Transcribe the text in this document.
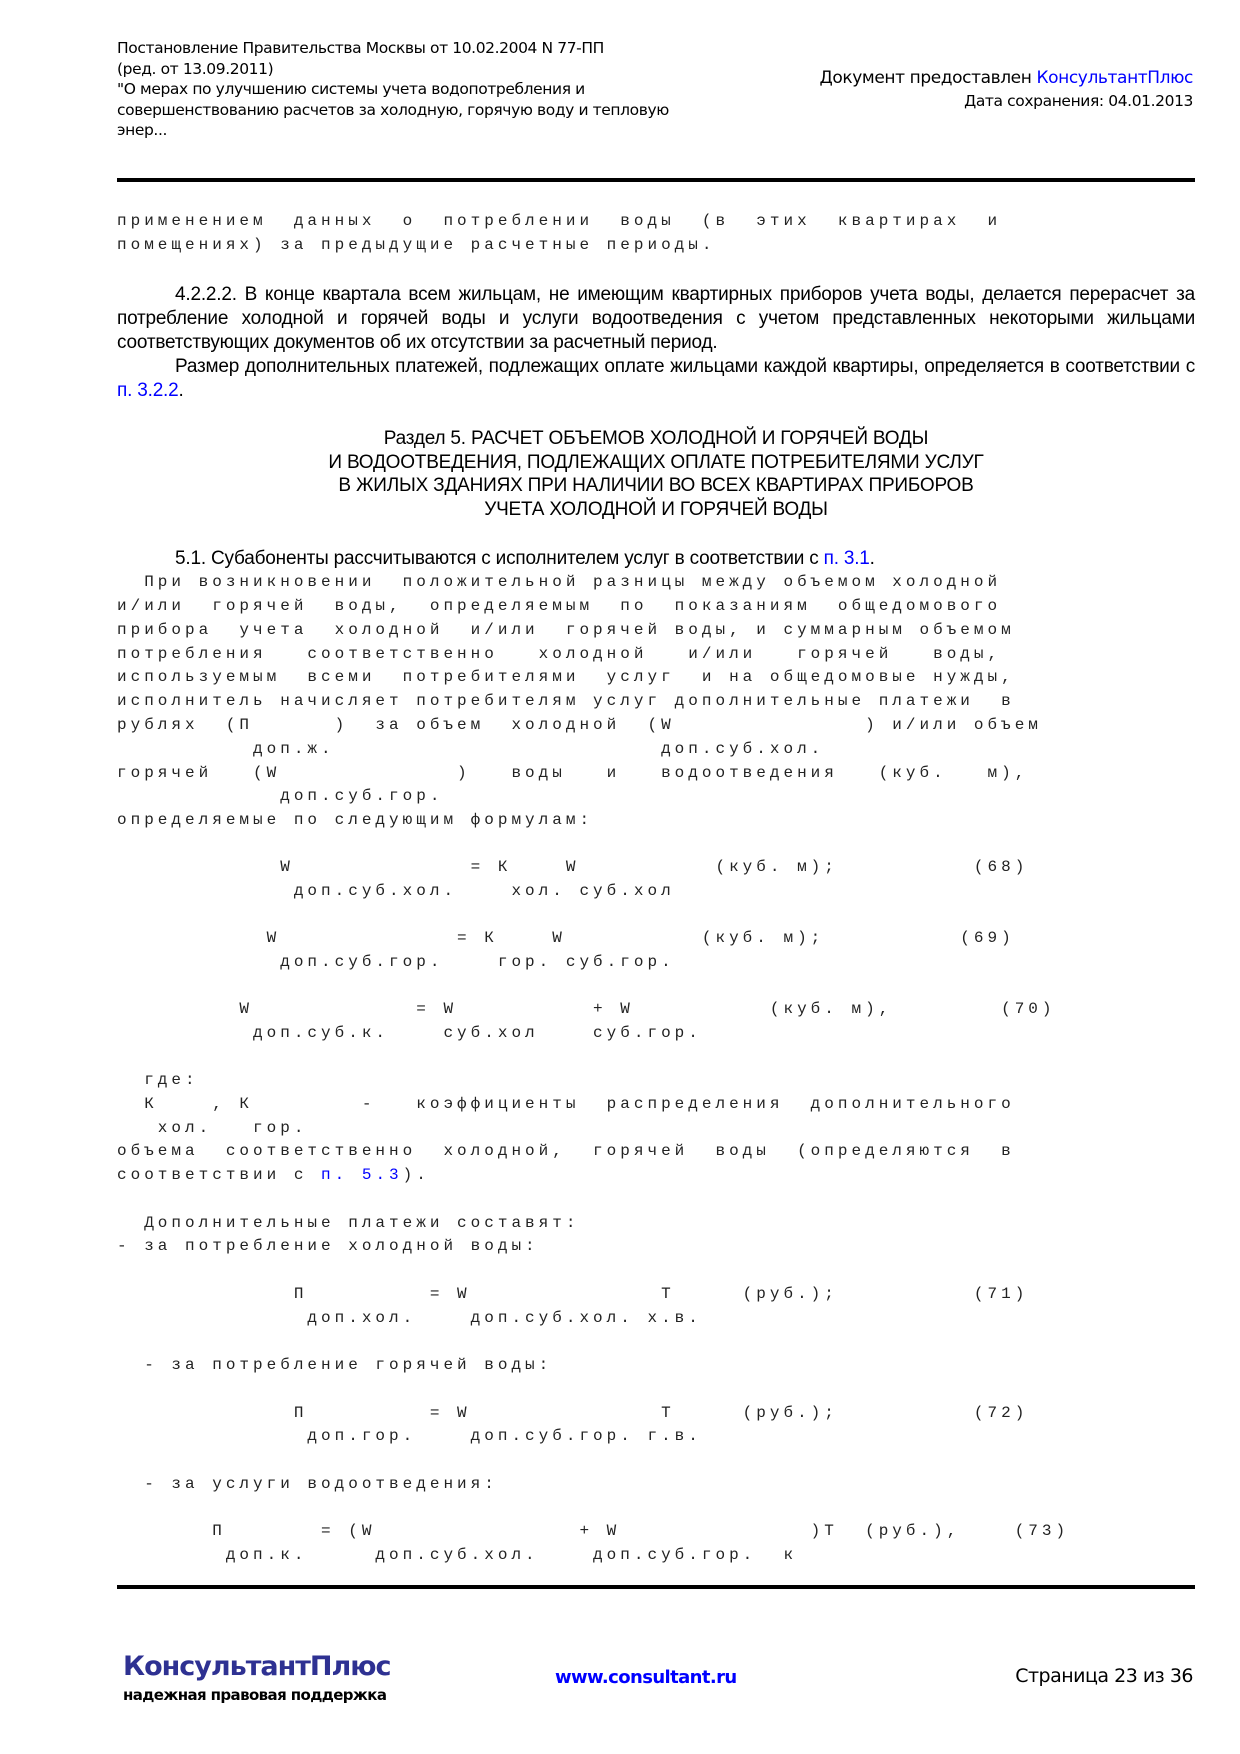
Постановление Правительства Москвы от 10.02.2004 N 77-ПП
(ред. от 13.09.2011)
"О мерах по улучшению системы учета водопотребления и
совершенствованию расчетов за холодную, горячую воду и тепловую
энер...
Документ предоставлен КонсультантПлюс
Дата сохранения: 04.01.2013
применением  данных  о  потреблении  воды  (в  этих  квартирах  и
помещениях) за предыдущие расчетные периоды.

4.2.2.2. В конце квартала всем жильцам, не имеющим квартирных приборов учета воды, делается перерасчет за потребление холодной и горячей воды и услуги водоотведения с учетом представленных некоторыми жильцами соответствующих документов об их отсутствии за расчетный период.

Размер дополнительных платежей, подлежащих оплате жильцами каждой квартиры, определяется в соответствии с п. 3.2.2.

Раздел 5. РАСЧЕТ ОБЪЕМОВ ХОЛОДНОЙ И ГОРЯЧЕЙ ВОДЫ
И ВОДООТВЕДЕНИЯ, ПОДЛЕЖАЩИХ ОПЛАТЕ ПОТРЕБИТЕЛЯМИ УСЛУГ
В ЖИЛЫХ ЗДАНИЯХ ПРИ НАЛИЧИИ ВО ВСЕХ КВАРТИРАХ ПРИБОРОВ
УЧЕТА ХОЛОДНОЙ И ГОРЯЧЕЙ ВОДЫ

5.1. Субабоненты рассчитываются с исполнителем услуг в соответствии с п. 3.1.

При возникновении  положительной разницы между объемом холодной
и/или  горячей  воды,  определяемым  по  показаниям  общедомового
прибора  учета  холодной  и/или  горячей воды, и суммарным объемом
потребления   соответственно   холодной   и/или   горячей   воды,
используемым  всеми  потребителями  услуг  и на общедомовые нужды,
исполнитель начисляет потребителям услуг дополнительные платежи  в
рублях  (П      )  за объем  холодной  (W              ) и/или объем
доп.ж.                        доп.суб.хол.
горячей   (W             )   воды   и   водоотведения   (куб.   м),
доп.суб.гор.
определяемые по следующим формулам:
W             = К    W          (куб. м);          (68)
доп.суб.хол.    хол. суб.хол
W             = К    W          (куб. м);          (69)
доп.суб.гор.    гор. суб.гор.
W            = W          + W          (куб. м),        (70)
доп.суб.к.    суб.хол    суб.гор.
где:
К    , К        -   коэффициенты  распределения  дополнительного
хол.   гор.
объема  соответственно  холодной,  горячей  воды  (определяются  в
соответствии с п. 5.3).
Дополнительные платежи составят:
- за потребление холодной воды:
П         = W              Т     (руб.);          (71)
доп.хол.    доп.суб.хол. х.в.
- за потребление горячей воды:
П         = W              Т     (руб.);          (72)
доп.гор.    доп.суб.гор. г.в.
- за услуги водоотведения:
П       = (W               + W              )Т  (руб.),    (73)
доп.к.     доп.суб.хол.    доп.суб.гор.  к
КонсультантПлюс
надежная правовая поддержка
www.consultant.ru	Страница 23 из 36
